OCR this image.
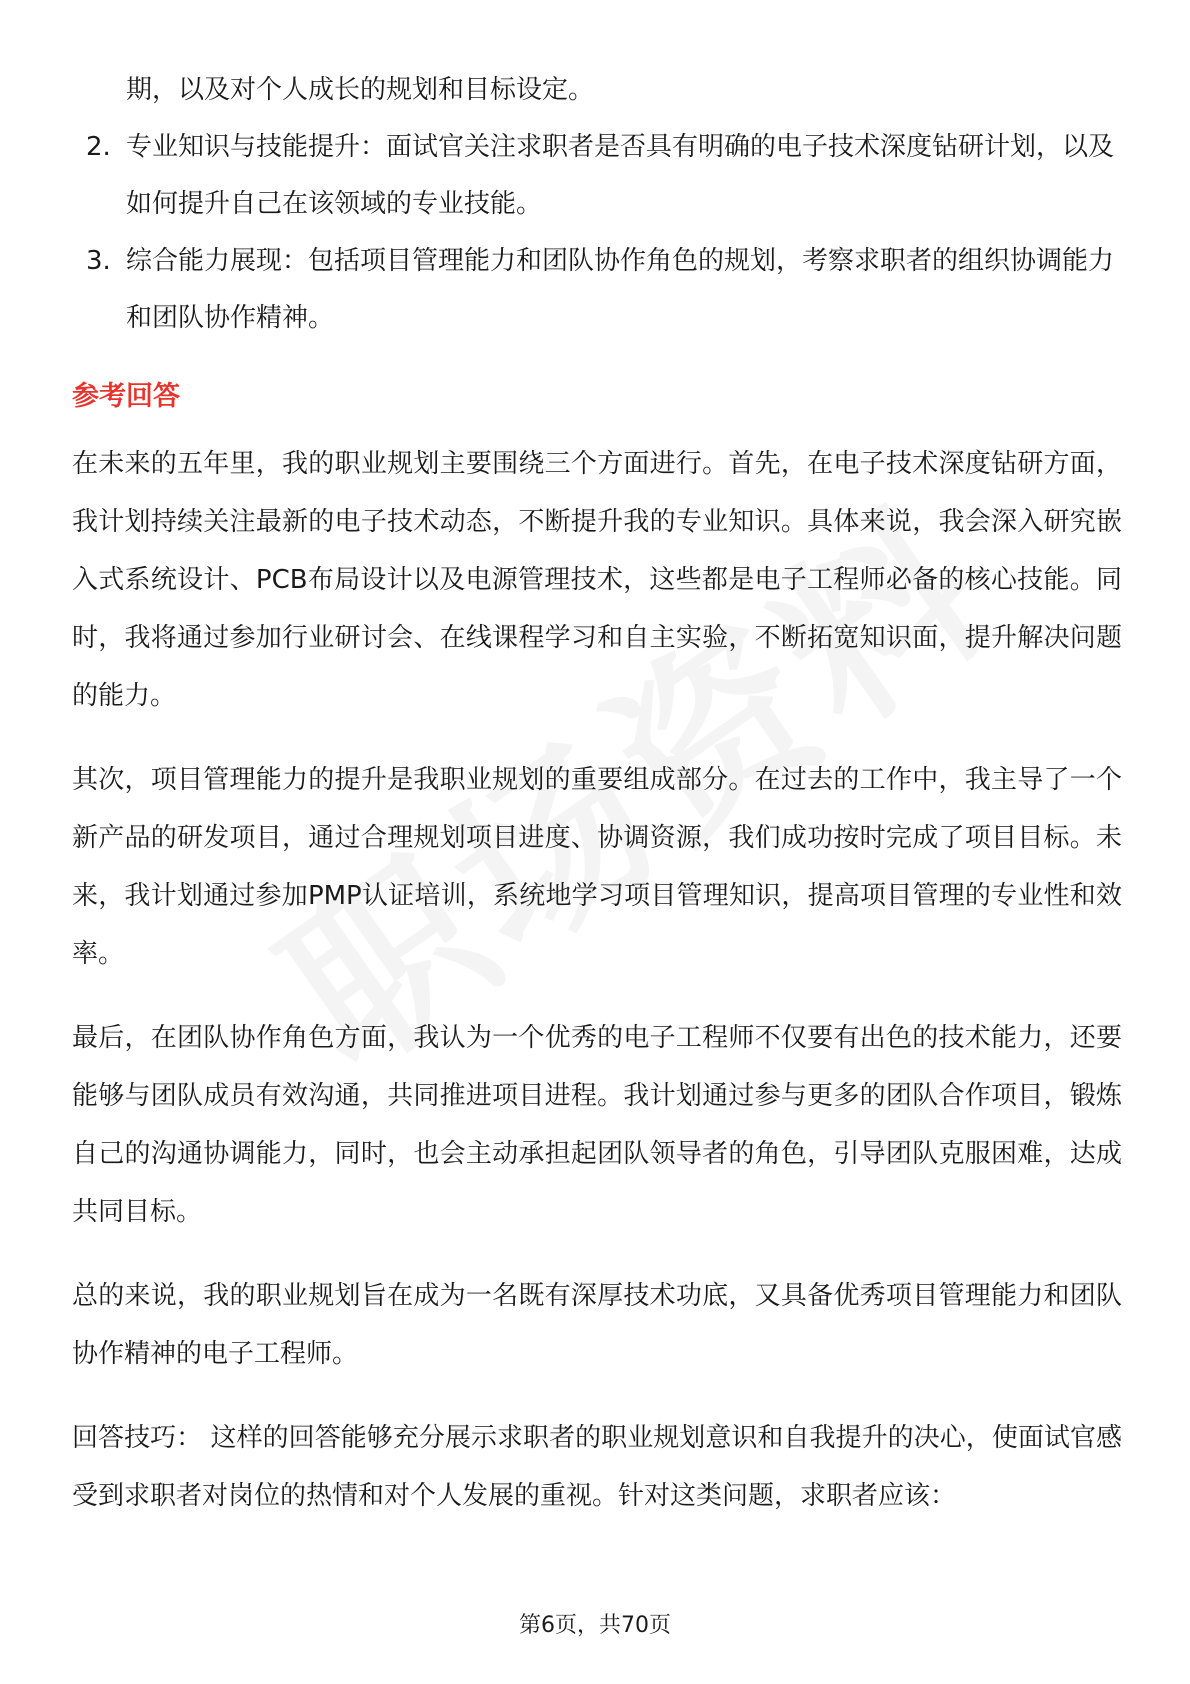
期，以及对个人成长的规划和目标设定。

2. 专业知识与技能提升：面试官关注求职者是否具有明确的电子技术深度钻研计划，以及如何提升自己在该领域的专业技能。
3. 综合能力展现：包括项目管理能力和团队协作角色的规划，考察求职者的组织协调能力和团队协作精神。
参考回答

在未来的五年里，我的职业规划主要围绕三个方面进行。首先，在电子技术深度钻研方面，我计划持续关注最新的电子技术动态，不断提升我的专业知识。具体来说，我会深入研究嵌入式系统设计、PCB布局设计以及电源管理技术，这些都是电子工程师必备的核心技能。同时，我将通过参加行业研讨会、在线课程学习和自主实验，不断拓宽知识面，提升解决问题的能力。

其次，项目管理能力的提升是我职业规划的重要组成部分。在过去的工作中，我主导了一个新产品的研发项目，通过合理规划项目进度、协调资源，我们成功按时完成了项目目标。未来，我计划通过参加PMP认证培训，系统地学习项目管理知识，提高项目管理的专业性和效率。

最后，在团队协作角色方面，我认为一个优秀的电子工程师不仅要有出色的技术能力，还要能够与团队成员有效沟通，共同推进项目进程。我计划通过参与更多的团队合作项目，锻炼自己的沟通协调能力，同时，也会主动承担起团队领导者的角色，引导团队克服困难，达成共同目标。

总的来说，我的职业规划旨在成为一名既有深厚技术功底，又具备优秀项目管理能力和团队协作精神的电子工程师。

回答技巧： 这样的回答能够充分展示求职者的职业规划意识和自我提升的决心，使面试官感受到求职者对岗位的热情和对个人发展的重视。针对这类问题，求职者应该：

第6页，共70页
